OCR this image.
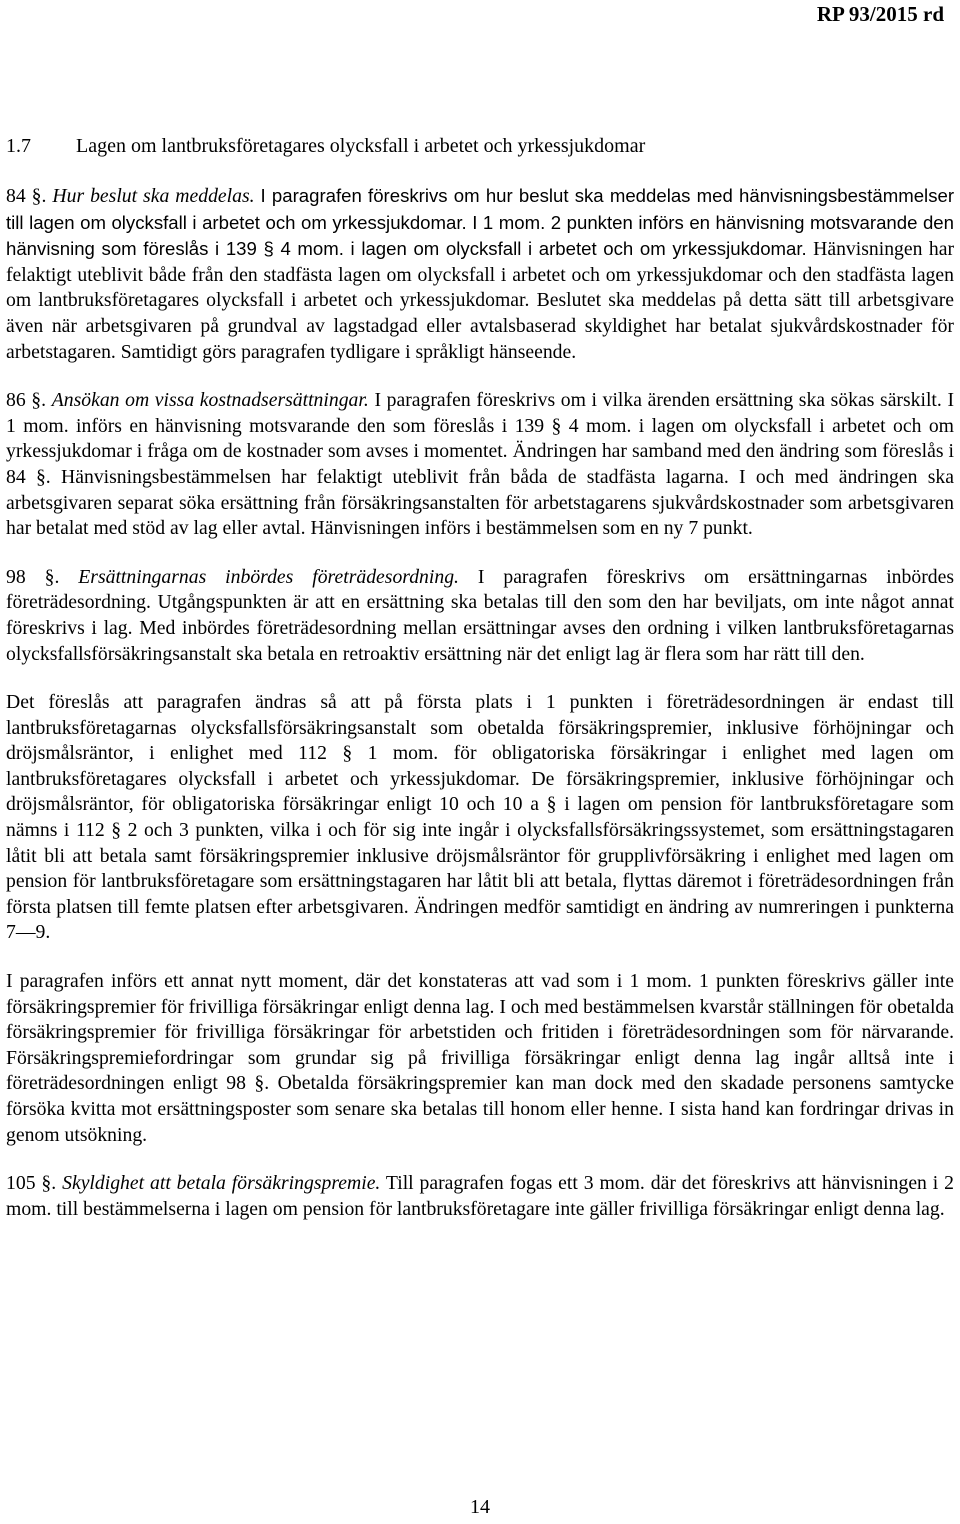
RP 93/2015 rd
1.7 Lagen om lantbruksföretagares olycksfall i arbetet och yrkessjukdomar

84 §. Hur beslut ska meddelas. I paragrafen föreskrivs om hur beslut ska meddelas med hänvisningsbestämmelser till lagen om olycksfall i arbetet och om yrkessjukdomar. I 1 mom. 2 punkten införs en hänvisning motsvarande den hänvisning som föreslås i 139 § 4 mom. i lagen om olycksfall i arbetet och om yrkessjukdomar. Hänvisningen har felaktigt uteblivit både från den stadfästa lagen om olycksfall i arbetet och om yrkessjukdomar och den stadfästa lagen om lantbruksföretagares olycksfall i arbetet och yrkessjukdomar. Beslutet ska meddelas på detta sätt till arbetsgivare även när arbetsgivaren på grundval av lagstadgad eller avtalsbaserad skyldighet har betalat sjukvårdskostnader för arbetstagaren. Samtidigt görs paragrafen tydligare i språkligt hänseende.

86 §. Ansökan om vissa kostnadsersättningar. I paragrafen föreskrivs om i vilka ärenden ersättning ska sökas särskilt. I 1 mom. införs en hänvisning motsvarande den som föreslås i 139 § 4 mom. i lagen om olycksfall i arbetet och om yrkessjukdomar i fråga om de kostnader som avses i momentet. Ändringen har samband med den ändring som föreslås i 84 §. Hänvisningsbestämmelsen har felaktigt uteblivit från båda de stadfästa lagarna. I och med ändringen ska arbetsgivaren separat söka ersättning från försäkringsanstalten för arbetstagarens sjukvårdskostnader som arbetsgivaren har betalat med stöd av lag eller avtal. Hänvisningen införs i bestämmelsen som en ny 7 punkt.

98 §. Ersättningarnas inbördes företrädesordning. I paragrafen föreskrivs om ersättningarnas inbördes företrädesordning. Utgångspunkten är att en ersättning ska betalas till den som den har beviljats, om inte något annat föreskrivs i lag. Med inbördes företrädesordning mellan ersättningar avses den ordning i vilken lantbruksföretagarnas olycksfallsförsäkringsanstalt ska betala en retroaktiv ersättning när det enligt lag är flera som har rätt till den.

Det föreslås att paragrafen ändras så att på första plats i 1 punkten i företrädesordningen är endast till lantbruksföretagarnas olycksfallsförsäkringsanstalt som obetalda försäkringspremier, inklusive förhöjningar och dröjsmålsräntor, i enlighet med 112 § 1 mom. för obligatoriska försäkringar i enlighet med lagen om lantbruksföretagares olycksfall i arbetet och yrkessjukdomar. De försäkringspremier, inklusive förhöjningar och dröjsmålsräntor, för obligatoriska försäkringar enligt 10 och 10 a § i lagen om pension för lantbruksföretagare som nämns i 112 § 2 och 3 punkten, vilka i och för sig inte ingår i olycksfallsförsäkringssystemet, som ersättningstagaren låtit bli att betala samt försäkringspremier inklusive dröjsmålsräntor för grupplivförsäkring i enlighet med lagen om pension för lantbruksföretagare som ersättningstagaren har låtit bli att betala, flyttas däremot i företrädesordningen från första platsen till femte platsen efter arbetsgivaren. Ändringen medför samtidigt en ändring av numreringen i punkterna 7—9.

I paragrafen införs ett annat nytt moment, där det konstateras att vad som i 1 mom. 1 punkten föreskrivs gäller inte försäkringspremier för frivilliga försäkringar enligt denna lag. I och med bestämmelsen kvarstår ställningen för obetalda försäkringspremier för frivilliga försäkringar för arbetstiden och fritiden i företrädesordningen som för närvarande. Försäkringspremiefordringar som grundar sig på frivilliga försäkringar enligt denna lag ingår alltså inte i företrädesordningen enligt 98 §. Obetalda försäkringspremier kan man dock med den skadade personens samtycke försöka kvitta mot ersättningsposter som senare ska betalas till honom eller henne. I sista hand kan fordringar drivas in genom utsökning.

105 §. Skyldighet att betala försäkringspremie. Till paragrafen fogas ett 3 mom. där det föreskrivs att hänvisningen i 2 mom. till bestämmelserna i lagen om pension för lantbruksföretagare inte gäller frivilliga försäkringar enligt denna lag.

14
